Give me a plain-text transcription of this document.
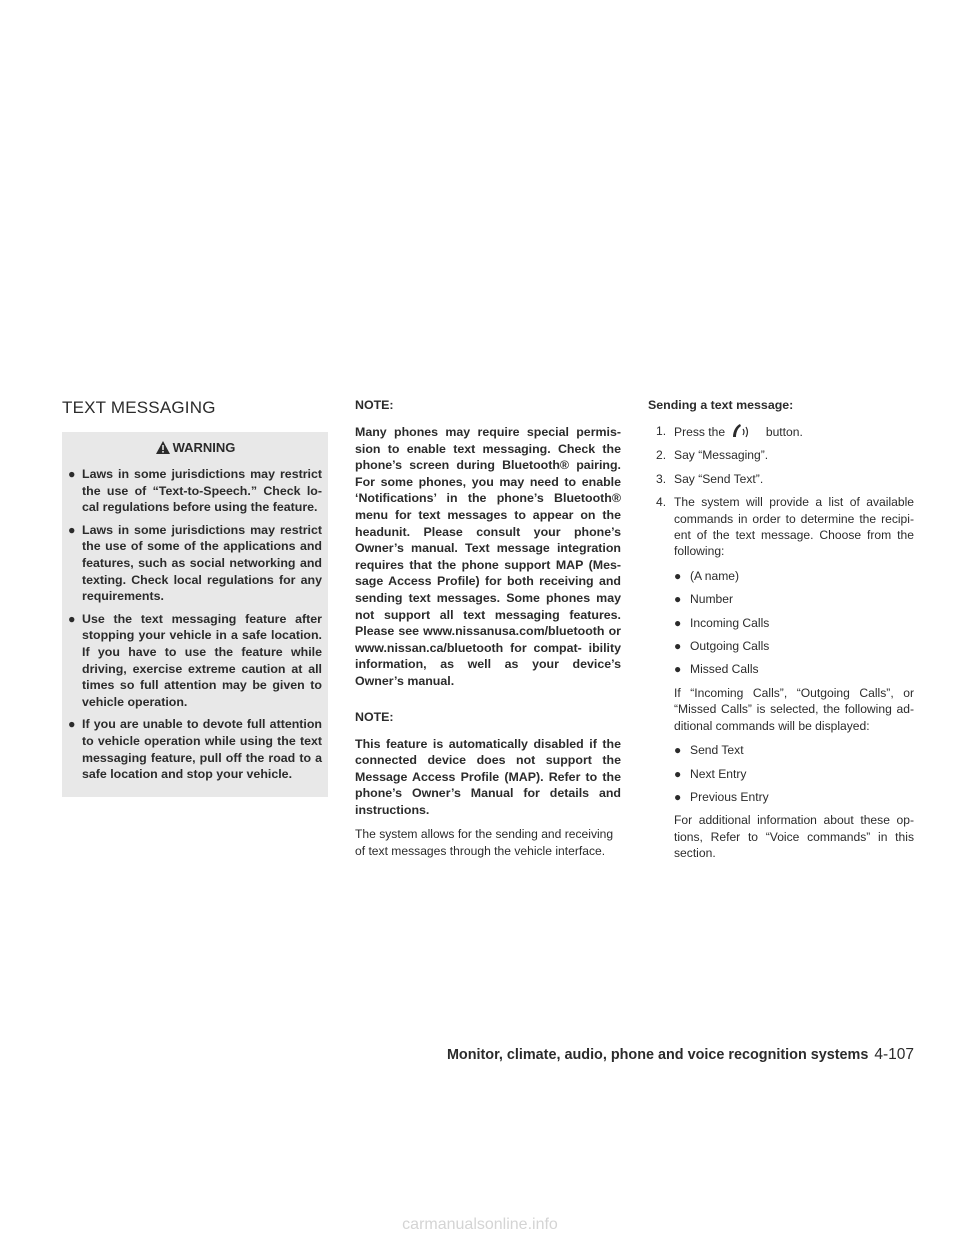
TEXT MESSAGING
WARNING
● Laws in some jurisdictions may restrict the use of “Text-to-Speech.” Check lo- cal regulations before using the feature.
● Laws in some jurisdictions may restrict the use of some of the applications and features, such as social networking and texting. Check local regulations for any requirements.
● Use the text messaging feature after stopping your vehicle in a safe location. If you have to use the feature while driving, exercise extreme caution at all times so full attention may be given to vehicle operation.
● If you are unable to devote full attention to vehicle operation while using the text messaging feature, pull off the road to a safe location and stop your vehicle.

NOTE:

Many phones may require special permis- sion to enable text messaging. Check the phone’s screen during Bluetooth® pairing. For some phones, you may need to enable ‘Notifications’ in the phone’s Bluetooth® menu for text messages to appear on the headunit. Please consult your phone’s Owner’s manual. Text message integration requires that the phone support MAP (Mes- sage Access Profile) for both receiving and sending text messages. Some phones may not support all text messaging features. Please see www.nissanusa.com/bluetooth or www.nissan.ca/bluetooth for compat- ibility information, as well as your device’s Owner’s manual.

NOTE:

This feature is automatically disabled if the connected device does not support the Message Access Profile (MAP). Refer to the phone’s Owner’s Manual for details and instructions.

The system allows for the sending and receiving of text messages through the vehicle interface.

Sending a text message:

1. Press the	button.
2. Say “Messaging”.
3. Say “Send Text”.
4. The system will provide a list of available commands in order to determine the recipi- ent of the text message. Choose from the following:
● (A name)
● Number
● Incoming Calls
● Outgoing Calls
● Missed Calls

If “Incoming Calls”, “Outgoing Calls”, or “Missed Calls” is selected, the following ad- ditional commands will be displayed:

● Send Text
● Next Entry
● Previous Entry

For additional information about these op- tions, Refer to “Voice commands” in this section.

Monitor, climate, audio, phone and voice recognition systems 4-107
carmanualsonline.info
